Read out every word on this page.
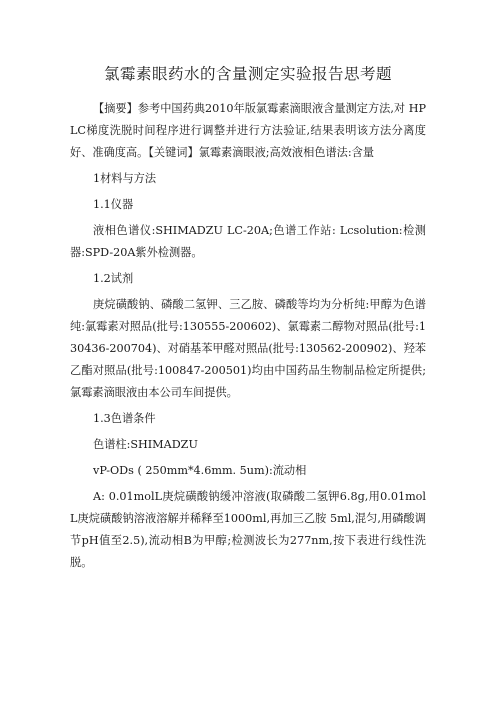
氯霉素眼药水的含量测定实验报告思考题

【摘要】参考中国药典2010年版氯霉素滴眼液含量测定方法,对 HPLC梯度洗脱时间程序进行调整并进行方法验证,结果表明该方法分离度好、准确度高。【关键词】氯霉素滴眼液;高效液相色谱法:含量

1材料与方法

1.1仪器

液相色谱仪:SHIMADZU LC-20A;色谱工作站: Lcsolution:检测器:SPD-20A紫外检测器。

1.2试剂

庚烷磺酸钠、磷酸二氢钾、三乙胺、磷酸等均为分析纯:甲醇为色谱纯:氯霉素对照品(批号:130555-200602)、氯霉素二醇物对照品(批号:130436-200704)、对硝基苯甲醛对照品(批号:130562-200902)、羟苯乙酯对照品(批号:100847-200501)均由中国药品生物制品检定所提供;氯霉素滴眼液由本公司车间提供。

1.3色谱条件

色谱柱:SHIMADZU

vP-ODs ( 250mm*4.6mm. 5um):流动相

A: 0.01molL庚烷磺酸钠缓冲溶液(取磷酸二氢钾6.8g,用0.01molL庚烷磺酸钠溶液溶解并稀释至1000ml,再加三乙胺 5ml,混匀,用磷酸调节pH值至2.5),流动相B为甲醇;检测波长为277nm,按下表进行线性洗脱。
